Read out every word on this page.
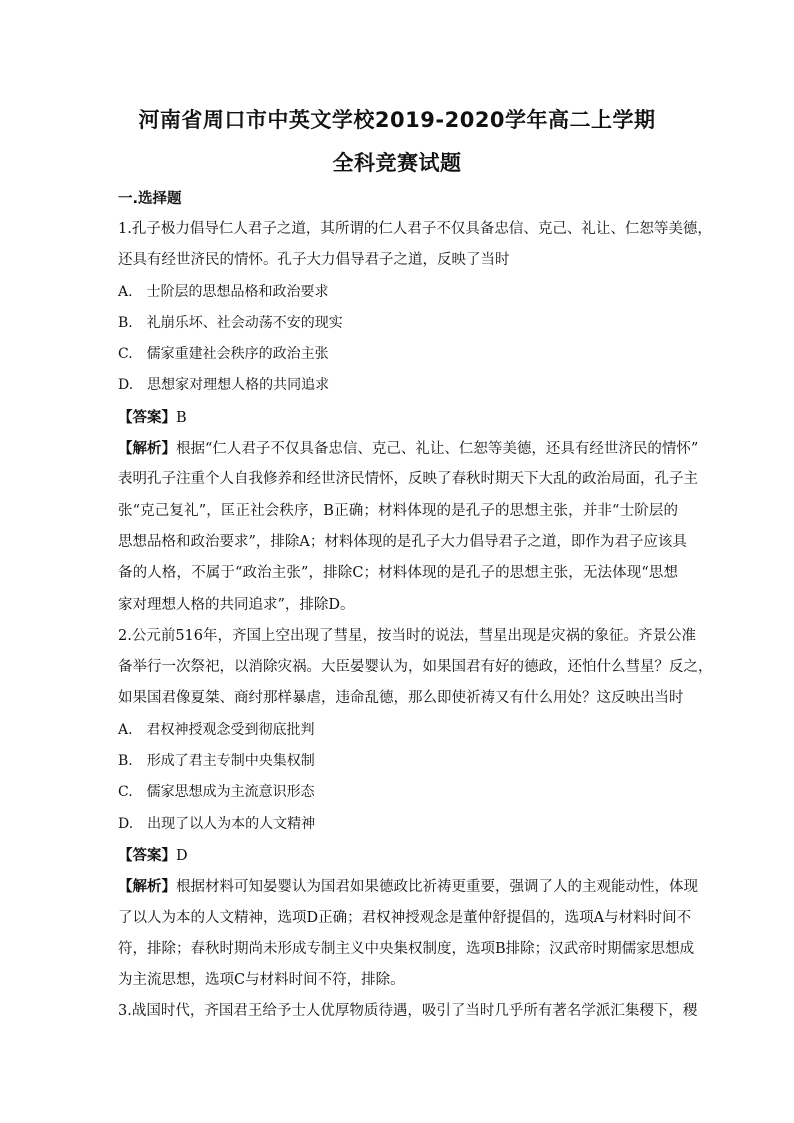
河南省周口市中英文学校2019-2020学年高二上学期
全科竞赛试题
一.选择题
1.孔子极力倡导仁人君子之道，其所谓的仁人君子不仅具备忠信、克己、礼让、仁恕等美德，
还具有经世济民的情怀。孔子大力倡导君子之道，反映了当时
A.　士阶层的思想品格和政治要求
B.　礼崩乐坏、社会动荡不安的现实
C.　儒家重建社会秩序的政治主张
D.　思想家对理想人格的共同追求
【答案】B
【解析】根据“仁人君子不仅具备忠信、克己、礼让、仁恕等美德，还具有经世济民的情怀”
表明孔子注重个人自我修养和经世济民情怀，反映了春秋时期天下大乱的政治局面，孔子主
张“克己复礼”，匡正社会秩序，B正确；材料体现的是孔子的思想主张，并非“士阶层的
思想品格和政治要求”，排除A；材料体现的是孔子大力倡导君子之道，即作为君子应该具
备的人格，不属于“政治主张”，排除C；材料体现的是孔子的思想主张，无法体现“思想
家对理想人格的共同追求”，排除D。
2.公元前516年，齐国上空出现了彗星，按当时的说法，彗星出现是灾祸的象征。齐景公准
备举行一次祭祀，以消除灾祸。大臣晏婴认为，如果国君有好的德政，还怕什么彗星？反之，
如果国君像夏桀、商纣那样暴虐，违命乱德，那么即使祈祷又有什么用处？这反映出当时
A.　君权神授观念受到彻底批判
B.　形成了君主专制中央集权制
C.　儒家思想成为主流意识形态
D.　出现了以人为本的人文精神
【答案】D
【解析】根据材料可知晏婴认为国君如果德政比祈祷更重要，强调了人的主观能动性，体现
了以人为本的人文精神，选项D正确；君权神授观念是董仲舒提倡的，选项A与材料时间不
符，排除；春秋时期尚未形成专制主义中央集权制度，选项B排除；汉武帝时期儒家思想成
为主流思想，选项C与材料时间不符，排除。
3.战国时代，齐国君王给予士人优厚物质待遇，吸引了当时几乎所有著名学派汇集稷下，稷
